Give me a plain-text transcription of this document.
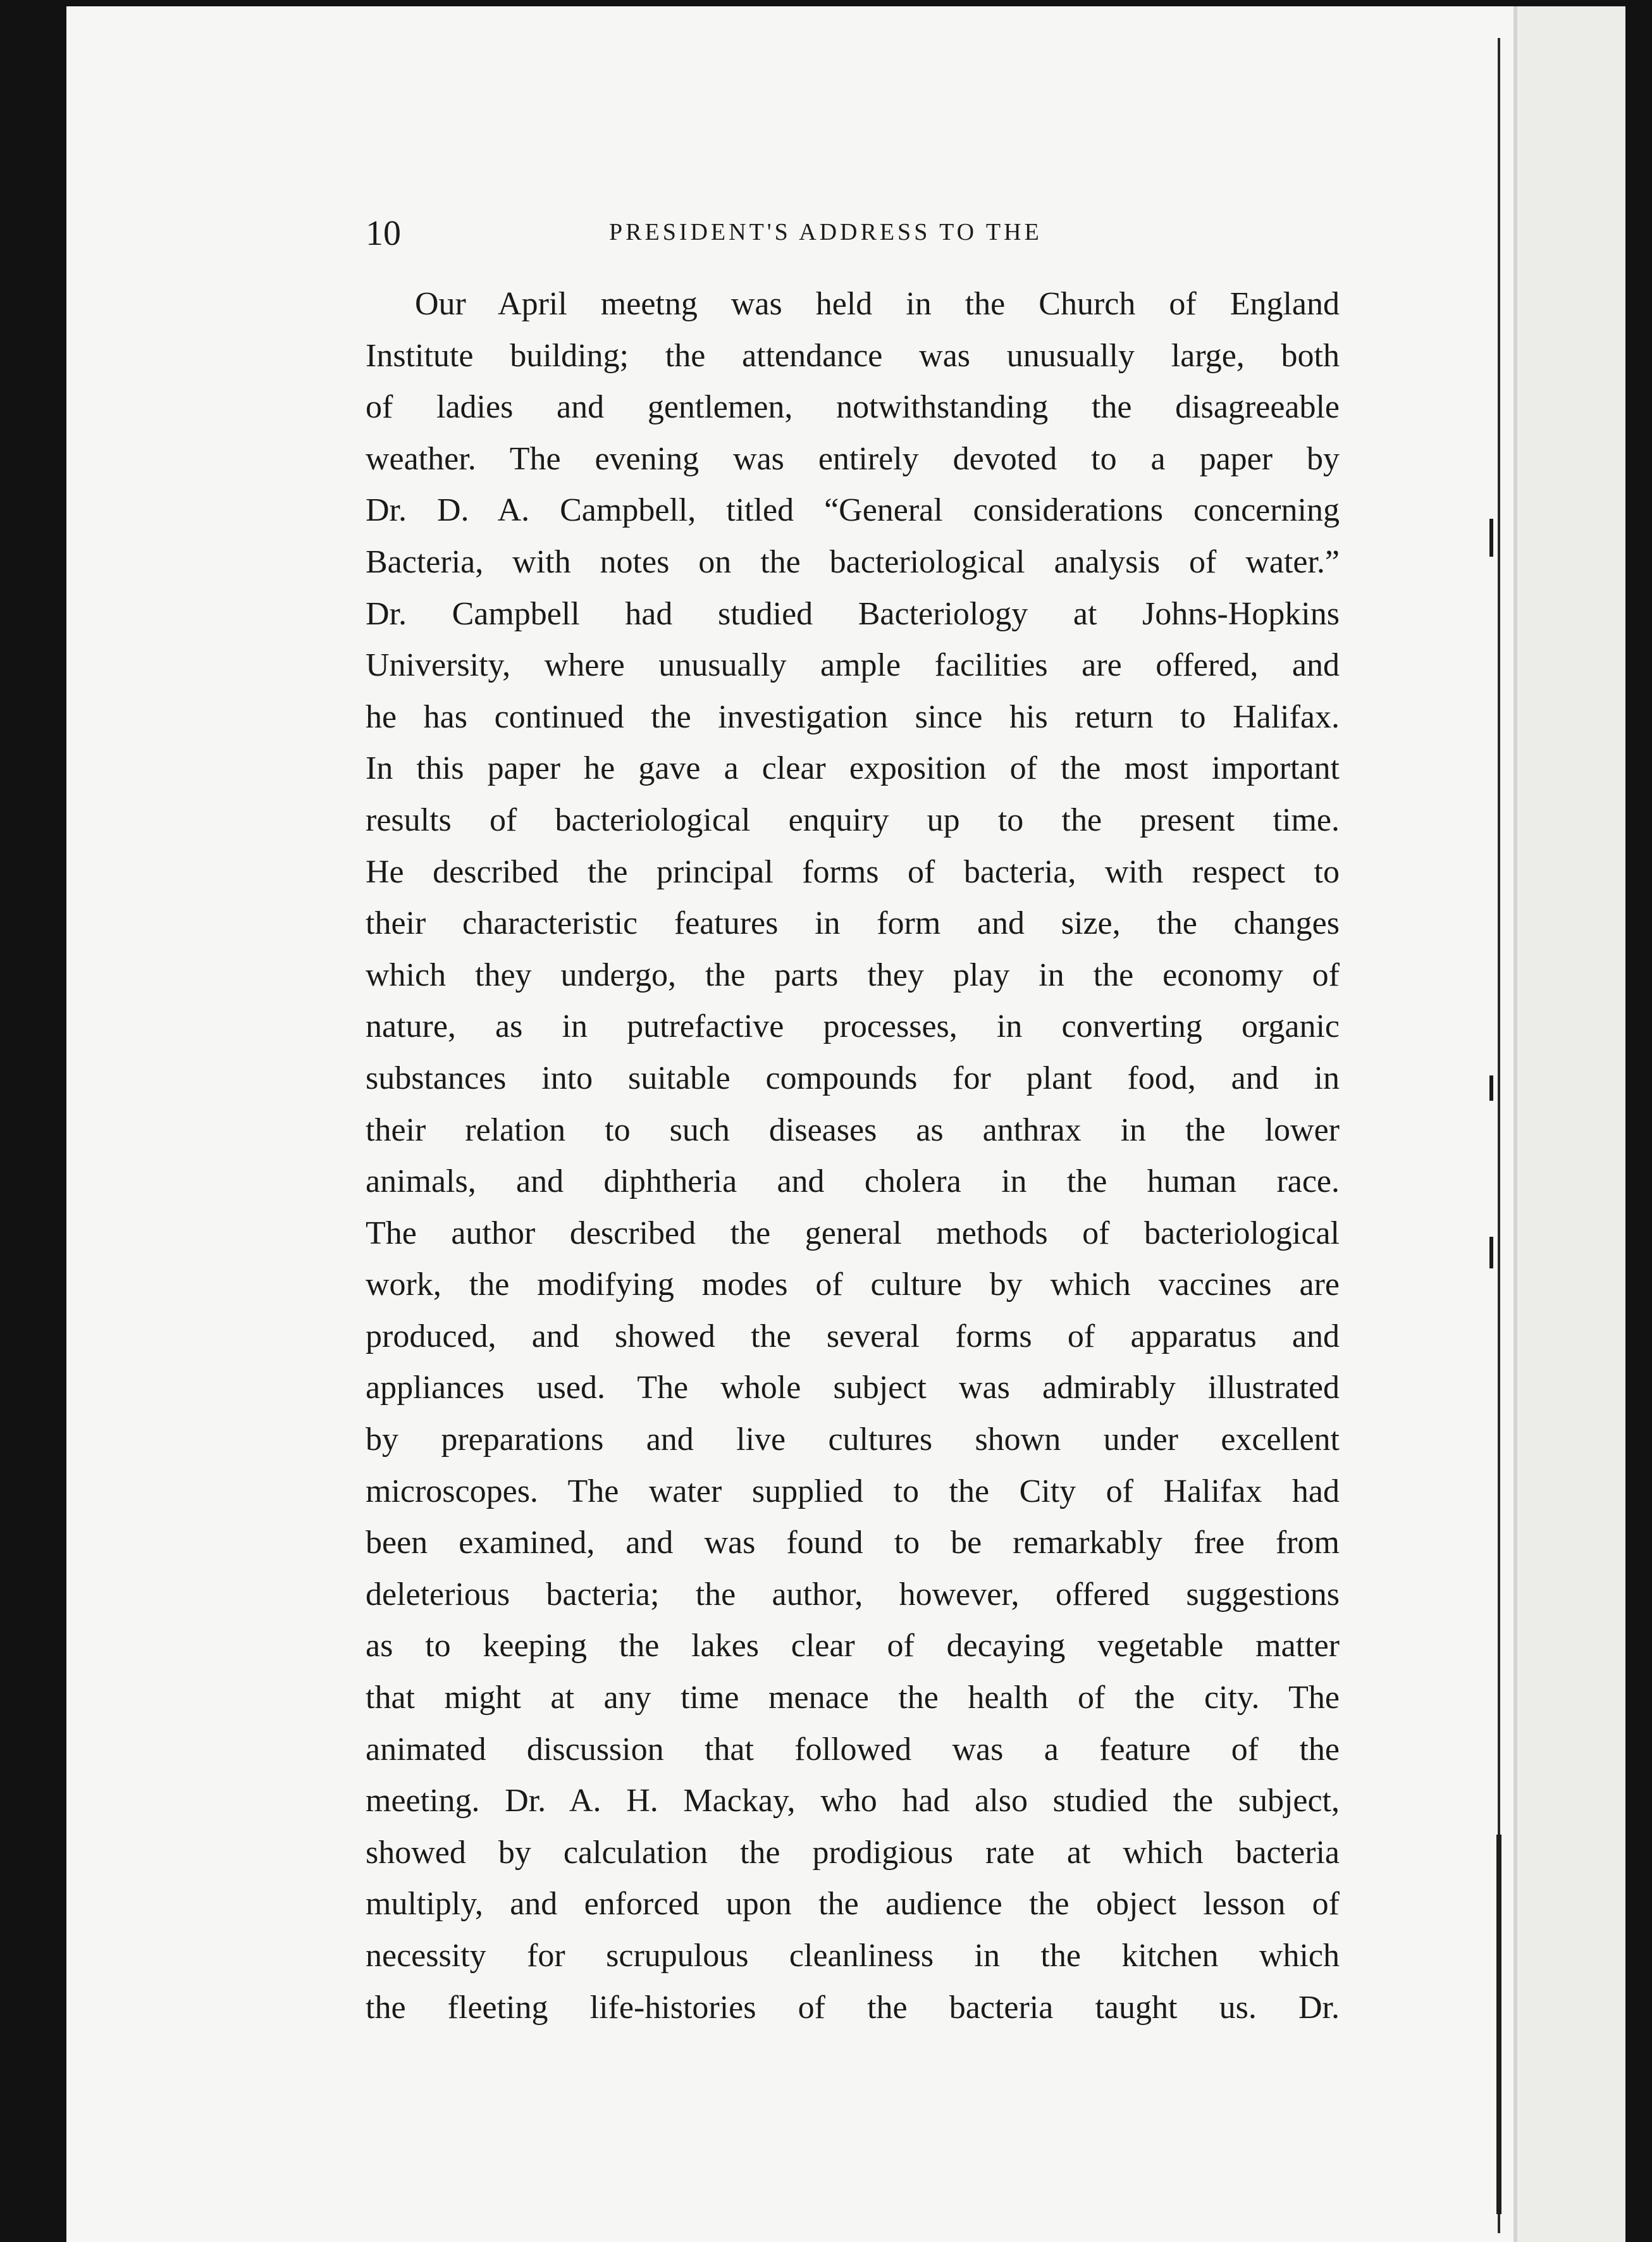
10	PRESIDENT'S ADDRESS TO THE
Our April meetng was held in the Church of England
Institute building; the attendance was unusually large, both
of ladies and gentlemen, notwithstanding the disagreeable
weather. The evening was entirely devoted to a paper by
Dr. D. A. Campbell, titled “General considerations concerning
Bacteria, with notes on the bacteriological analysis of water.”
Dr. Campbell had studied Bacteriology at Johns-Hopkins
University, where unusually ample facilities are offered, and
he has continued the investigation since his return to Halifax.
In this paper he gave a clear exposition of the most important
results of bacteriological enquiry up to the present time.
He described the principal forms of bacteria, with respect to
their characteristic features in form and size, the changes
which they undergo, the parts they play in the economy of
nature, as in putrefactive processes, in converting organic
substances into suitable compounds for plant food, and in
their relation to such diseases as anthrax in the lower
animals, and diphtheria and cholera in the human race.
The author described the general methods of bacteriological
work, the modifying modes of culture by which vaccines are
produced, and showed the several forms of apparatus and
appliances used. The whole subject was admirably illustrated
by preparations and live cultures shown under excellent
microscopes. The water supplied to the City of Halifax had
been examined, and was found to be remarkably free from
deleterious bacteria; the author, however, offered suggestions
as to keeping the lakes clear of decaying vegetable matter
that might at any time menace the health of the city. The
animated discussion that followed was a feature of the
meeting. Dr. A. H. Mackay, who had also studied the subject,
showed by calculation the prodigious rate at which bacteria
multiply, and enforced upon the audience the object lesson of
necessity for scrupulous cleanliness in the kitchen which
the fleeting life-histories of the bacteria taught us. Dr.
